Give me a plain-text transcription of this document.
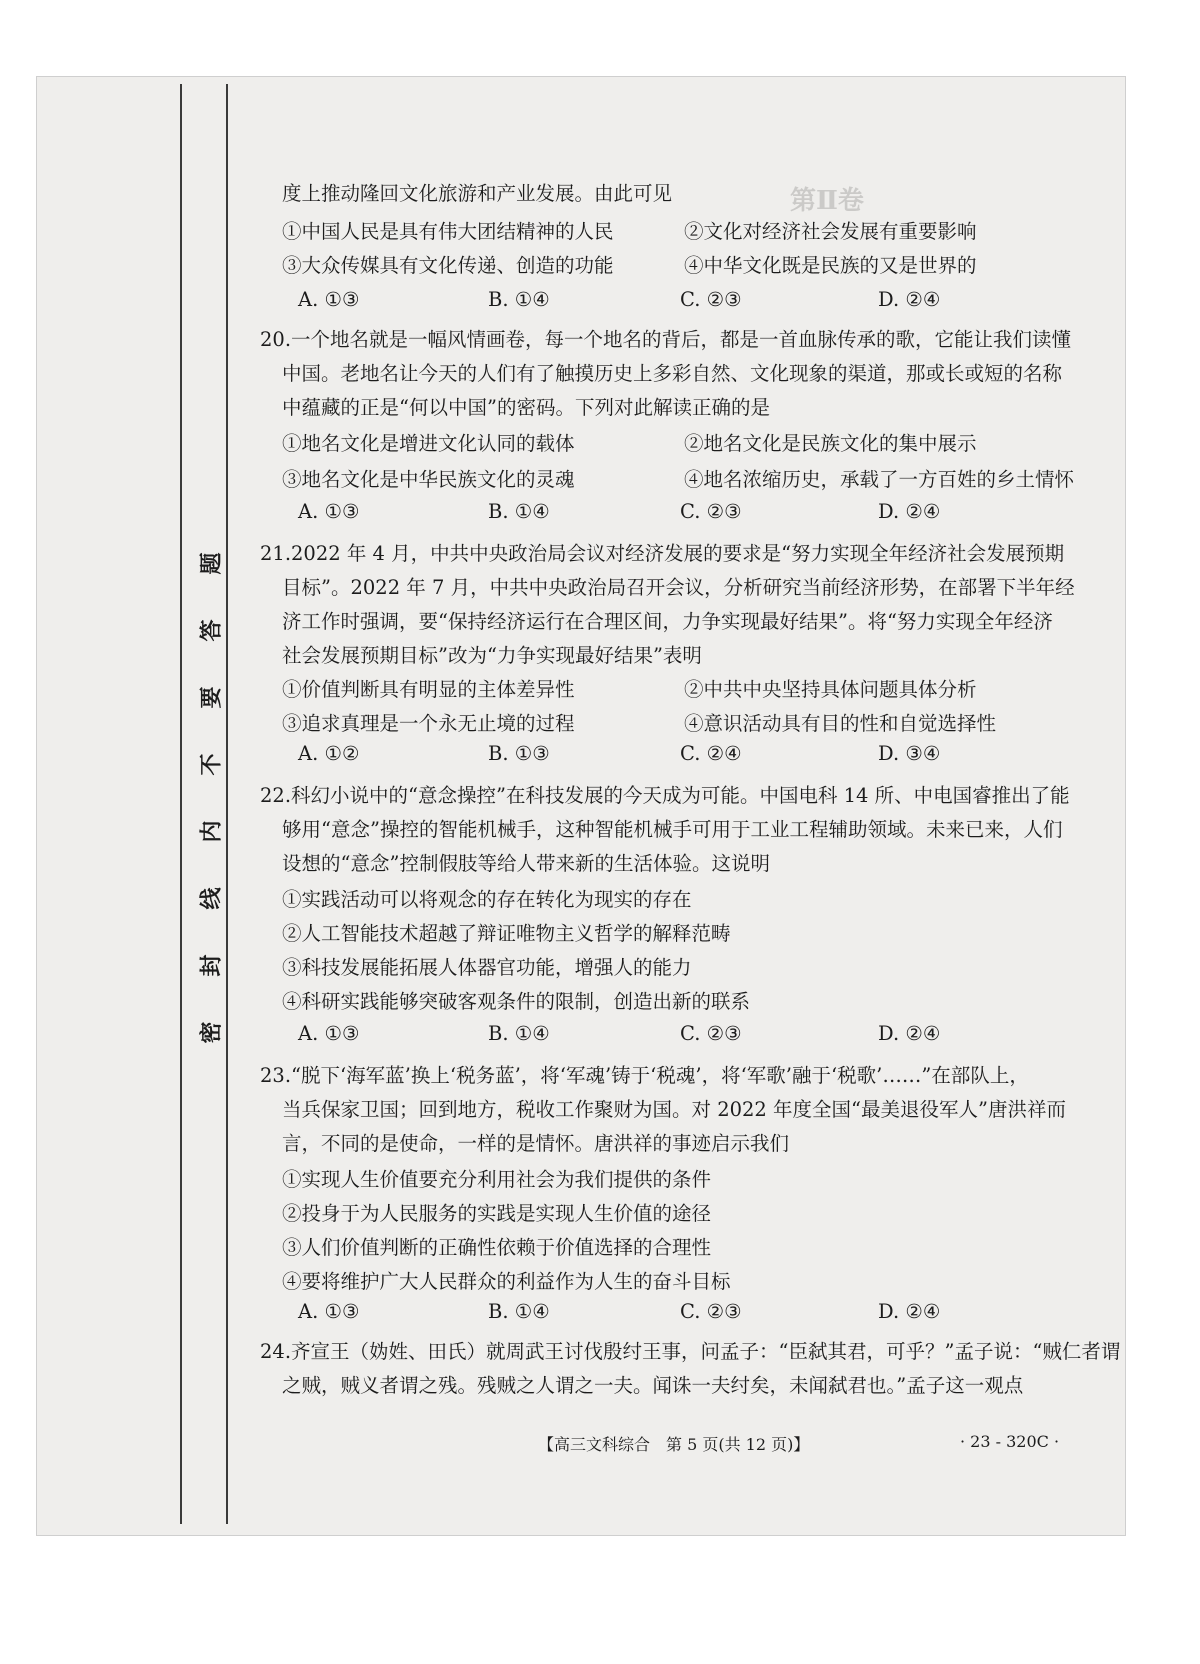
题
答
要
不
内
线
封
密
第Ⅱ卷
度上推动隆回文化旅游和产业发展。由此可见
①中国人民是具有伟大团结精神的人民	②文化对经济社会发展有重要影响
③大众传媒具有文化传递、创造的功能	④中华文化既是民族的又是世界的
A. ①③	B. ①④	C. ②③	D. ②④
20.一个地名就是一幅风情画卷，每一个地名的背后，都是一首血脉传承的歌，它能让我们读懂
中国。老地名让今天的人们有了触摸历史上多彩自然、文化现象的渠道，那或长或短的名称
中蕴藏的正是“何以中国”的密码。下列对此解读正确的是
①地名文化是增进文化认同的载体	②地名文化是民族文化的集中展示
③地名文化是中华民族文化的灵魂	④地名浓缩历史，承载了一方百姓的乡土情怀
A. ①③	B. ①④	C. ②③	D. ②④
21.2022 年 4 月，中共中央政治局会议对经济发展的要求是“努力实现全年经济社会发展预期
目标”。2022 年 7 月，中共中央政治局召开会议，分析研究当前经济形势，在部署下半年经
济工作时强调，要“保持经济运行在合理区间，力争实现最好结果”。将“努力实现全年经济
社会发展预期目标”改为“力争实现最好结果”表明
①价值判断具有明显的主体差异性	②中共中央坚持具体问题具体分析
③追求真理是一个永无止境的过程	④意识活动具有目的性和自觉选择性
A. ①②	B. ①③	C. ②④	D. ③④
22.科幻小说中的“意念操控”在科技发展的今天成为可能。中国电科 14 所、中电国睿推出了能
够用“意念”操控的智能机械手，这种智能机械手可用于工业工程辅助领域。未来已来，人们
设想的“意念”控制假肢等给人带来新的生活体验。这说明
①实践活动可以将观念的存在转化为现实的存在
②人工智能技术超越了辩证唯物主义哲学的解释范畴
③科技发展能拓展人体器官功能，增强人的能力
④科研实践能够突破客观条件的限制，创造出新的联系
A. ①③	B. ①④	C. ②③	D. ②④
23.“脱下‘海军蓝’换上‘税务蓝’，将‘军魂’铸于‘税魂’，将‘军歌’融于‘税歌’……”在部队上，
当兵保家卫国；回到地方，税收工作聚财为国。对 2022 年度全国“最美退役军人”唐洪祥而
言，不同的是使命，一样的是情怀。唐洪祥的事迹启示我们
①实现人生价值要充分利用社会为我们提供的条件
②投身于为人民服务的实践是实现人生价值的途径
③人们价值判断的正确性依赖于价值选择的合理性
④要将维护广大人民群众的利益作为人生的奋斗目标
A. ①③	B. ①④	C. ②③	D. ②④
24.齐宣王（妫姓、田氏）就周武王讨伐殷纣王事，问孟子：“臣弑其君，可乎？”孟子说：“贼仁者谓
之贼，贼义者谓之残。残贼之人谓之一夫。闻诛一夫纣矣，未闻弑君也。”孟子这一观点
【高三文科综合　第 5 页(共 12 页)】	· 23 - 320C ·
